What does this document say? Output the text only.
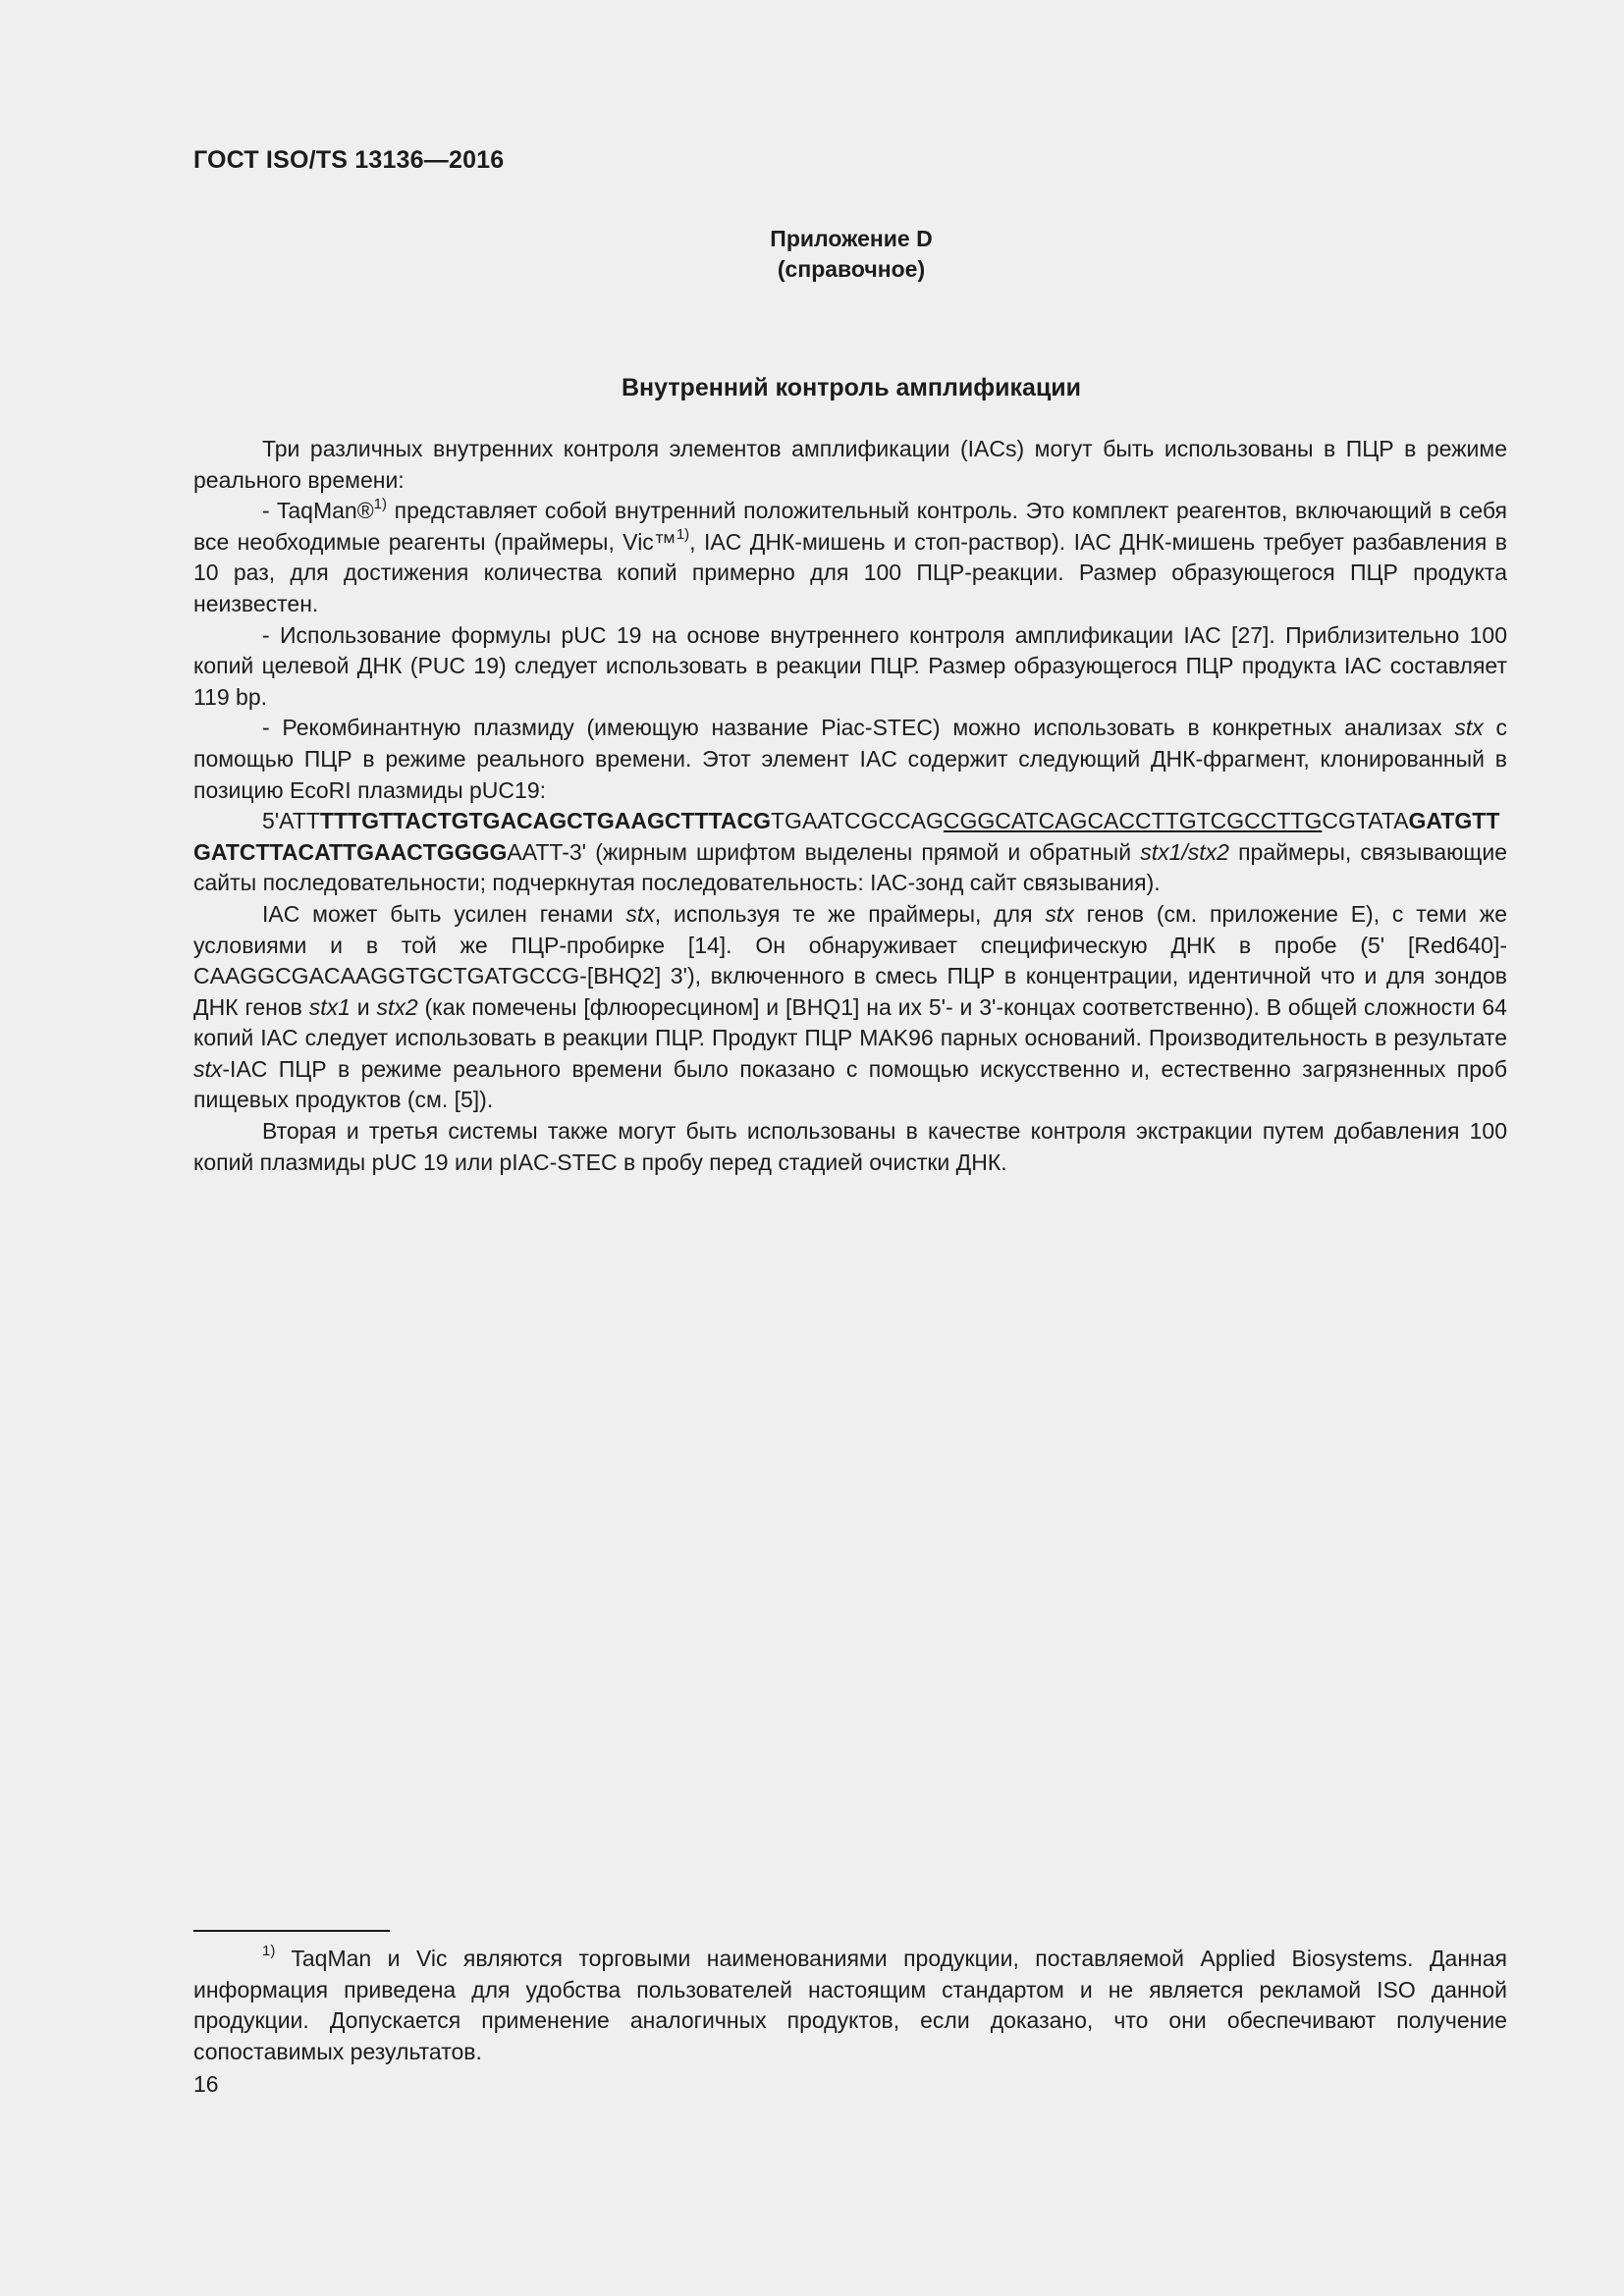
ГОСТ ISO/TS 13136—2016
Приложение D
(справочное)
Внутренний контроль амплификации

Три различных внутренних контроля элементов амплификации (IACs) могут быть использованы в ПЦР в режиме реального времени:

- TaqMan®$^{1)}$ представляет собой внутренний положительный контроль. Это комплект реагентов, включающий в себя все необходимые реагенты (праймеры, Vic™$^{1)}$, IAC ДНК-мишень и стоп-раствор). IAC ДНК-мишень требует разбавления в 10 раз, для достижения количества копий примерно для 100 ПЦР-реакции. Размер образующегося ПЦР продукта неизвестен.

- Использование формулы pUC 19 на основе внутреннего контроля амплификации IAC [27]. Приблизительно 100 копий целевой ДНК (PUC 19) следует использовать в реакции ПЦР. Размер образующегося ПЦР продукта IAC составляет 119 bp.

- Рекомбинантную плазмиду (имеющую название Piac-STEC) можно использовать в конкретных анализах stx с помощью ПЦР в режиме реального времени. Этот элемент IAC содержит следующий ДНК-фрагмент, клонированный в позицию EcoRI плазмиды pUC19:

5'ATTTTTGTTACTGTGACAGCTGAAGCTTTACGTGAATCGCCAGCGGCATCAGCACCTTGTCGCCTTGCGTATAGATGTTGATCTTACATTGAACTGGGGAATT-3' (жирным шрифтом выделены прямой и обратный stx1/stx2 праймеры, связывающие сайты последовательности; подчеркнутая последовательность: IAC-зонд сайт связывания).

IAC может быть усилен генами stx, используя те же праймеры, для stx генов (см. приложение E), с теми же условиями и в той же ПЦР-пробирке [14]. Он обнаруживает специфическую ДНК в пробе (5' [Red640]-CAAGGCGACAAGGTGCTGATGCCG-[BHQ2] 3'), включенного в смесь ПЦР в концентрации, идентичной что и для зондов ДНК генов stx1 и stx2 (как помечены [флюоресцином] и [BHQ1] на их 5'- и 3'-концах соответственно). В общей сложности 64 копий IAC следует использовать в реакции ПЦР. Продукт ПЦР MAK96 парных оснований. Производительность в результате stx-IAC ПЦР в режиме реального времени было показано с помощью искусственно и, естественно загрязненных проб пищевых продуктов (см. [5]).

Вторая и третья системы также могут быть использованы в качестве контроля экстракции путем добавления 100 копий плазмиды pUC 19 или pIAC-STEC в пробу перед стадией очистки ДНК.

$^{1)}$ TaqMan и Vic являются торговыми наименованиями продукции, поставляемой Applied Biosystems. Данная информация приведена для удобства пользователей настоящим стандартом и не является рекламой ISO данной продукции. Допускается применение аналогичных продуктов, если доказано, что они обеспечивают получение сопоставимых результатов.

16
